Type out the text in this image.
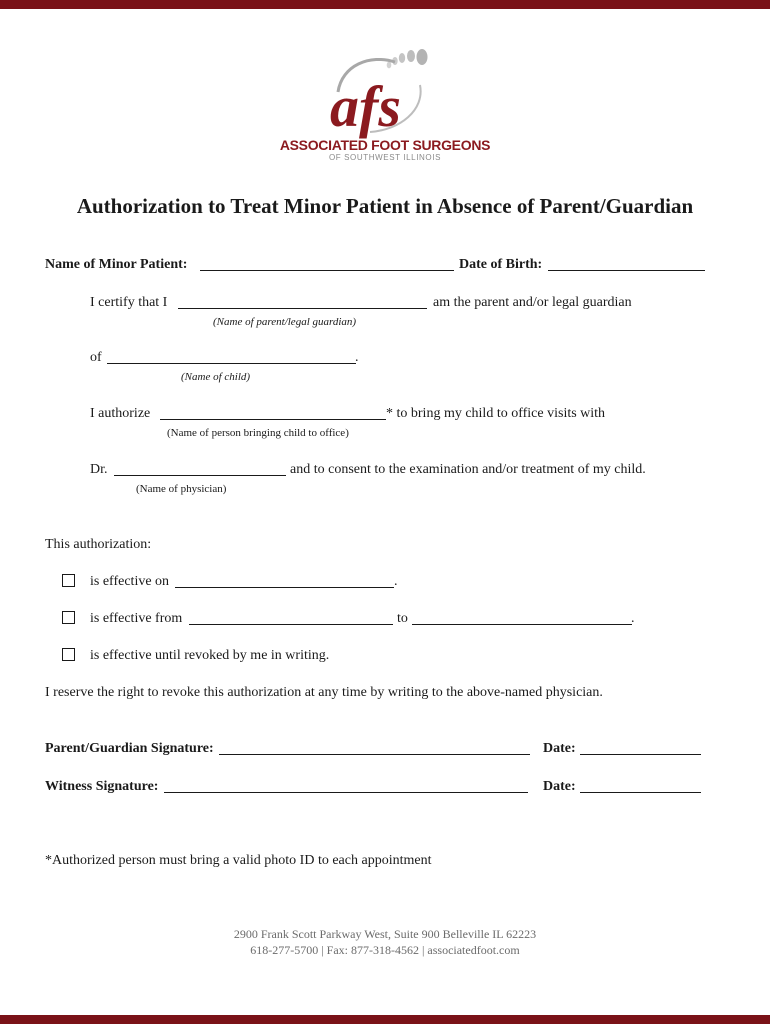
afs
ASSOCIATED FOOT SURGEONS
OF SOUTHWEST ILLINOIS
Authorization to Treat Minor Patient in Absence of Parent/Guardian
Name of Minor Patient:	Date of Birth:
I certify that I	am the parent and/or legal guardian
(Name of parent/legal guardian)
of	.
(Name of child)
I authorize	* to bring my child to office visits with
(Name of person bringing child to office)
Dr.	and to consent to the examination and/or treatment of my child.
(Name of physician)
This authorization:
is effective on	.
is effective from	to	.
is effective until revoked by me in writing.
I reserve the right to revoke this authorization at any time by writing to the above-named physician.
Parent/Guardian Signature:	Date:
Witness Signature:	Date:
*Authorized person must bring a valid photo ID to each appointment
2900 Frank Scott Parkway West, Suite 900 Belleville IL 62223
618-277-5700 | Fax: 877-318-4562 | associatedfoot.com
